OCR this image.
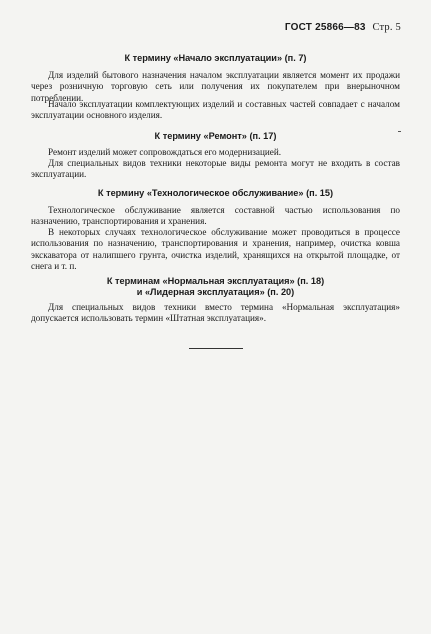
ГОСТ 25866—83 Стр. 5
К термину «Начало эксплуатации» (п. 7)
Для изделий бытового назначения началом эксплуатации является момент их продажи через розничную торговую сеть или получения их покупателем при внерыночном потреблении.
Начало эксплуатации комплектующих изделий и составных частей совпадает с началом эксплуатации основного изделия.
К термину «Ремонт» (п. 17)
Ремонт изделий может сопровождаться его модернизацией.
Для специальных видов техники некоторые виды ремонта могут не входить в состав эксплуатации.
К термину «Технологическое обслуживание» (п. 15)
Технологическое обслуживание является составной частью использования по назначению, транспортирования и хранения.
В некоторых случаях технологическое обслуживание может проводиться в процессе использования по назначению, транспортирования и хранения, например, очистка ковша экскаватора от налипшего грунта, очистка изделий, хранящихся на открытой площадке, от снега и т. п.
К терминам «Нормальная эксплуатация» (п. 18)
и «Лидерная эксплуатация» (п. 20)
Для специальных видов техники вместо термина «Нормальная эксплуатация» допускается использовать термин «Штатная эксплуатация».
